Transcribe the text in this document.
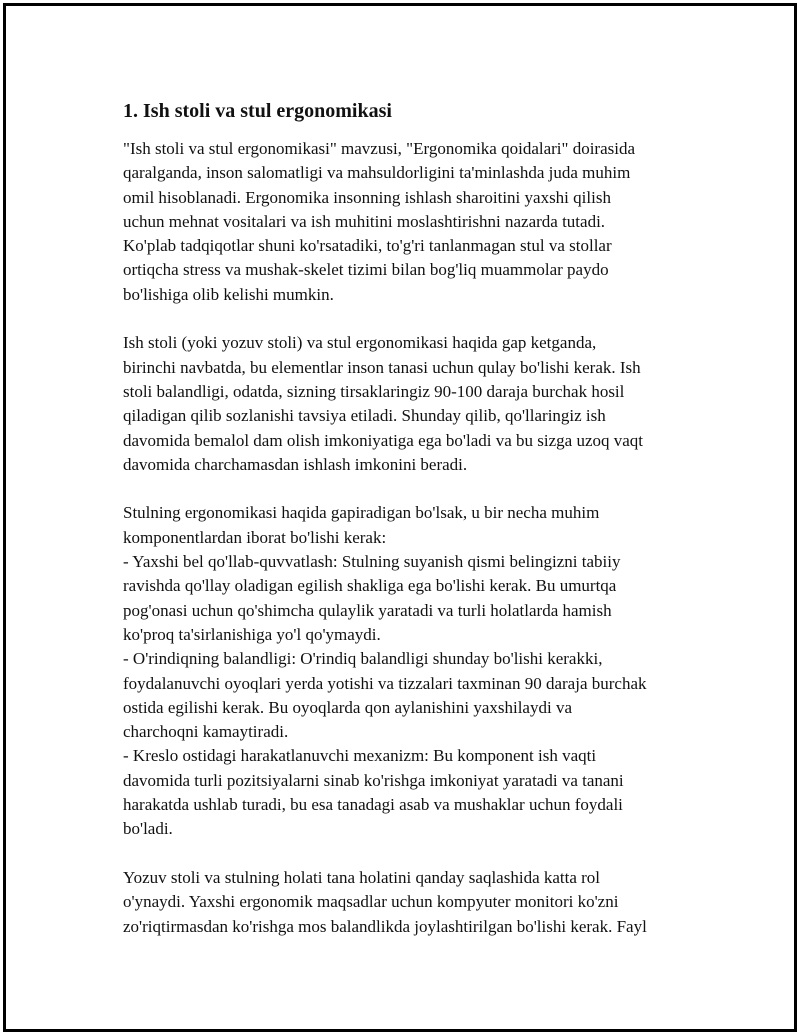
1. Ish stoli va stul ergonomikasi

"Ish stoli va stul ergonomikasi" mavzusi, "Ergonomika qoidalari" doirasida
qaralganda, inson salomatligi va mahsuldorligini ta'minlashda juda muhim
omil hisoblanadi. Ergonomika insonning ishlash sharoitini yaxshi qilish
uchun mehnat vositalari va ish muhitini moslashtirishni nazarda tutadi.
Ko'plab tadqiqotlar shuni ko'rsatadiki, to'g'ri tanlanmagan stul va stollar
ortiqcha stress va mushak-skelet tizimi bilan bog'liq muammolar paydo
bo'lishiga olib kelishi mumkin.

Ish stoli (yoki yozuv stoli) va stul ergonomikasi haqida gap ketganda,
birinchi navbatda, bu elementlar inson tanasi uchun qulay bo'lishi kerak. Ish
stoli balandligi, odatda, sizning tirsaklaringiz 90-100 daraja burchak hosil
qiladigan qilib sozlanishi tavsiya etiladi. Shunday qilib, qo'llaringiz ish
davomida bemalol dam olish imkoniyatiga ega bo'ladi va bu sizga uzoq vaqt
davomida charchamasdan ishlash imkonini beradi.

Stulning ergonomikasi haqida gapiradigan bo'lsak, u bir necha muhim
komponentlardan iborat bo'lishi kerak:
- Yaxshi bel qo'llab-quvvatlash: Stulning suyanish qismi belingizni tabiiy
ravishda qo'llay oladigan egilish shakliga ega bo'lishi kerak. Bu umurtqa
pog'onasi uchun qo'shimcha qulaylik yaratadi va turli holatlarda hamish
ko'proq ta'sirlanishiga yo'l qo'ymaydi.
- O'rindiqning balandligi: O'rindiq balandligi shunday bo'lishi kerakki,
foydalanuvchi oyoqlari yerda yotishi va tizzalari taxminan 90 daraja burchak
ostida egilishi kerak. Bu oyoqlarda qon aylanishini yaxshilaydi va
charchoqni kamaytiradi.
- Kreslo ostidagi harakatlanuvchi mexanizm: Bu komponent ish vaqti
davomida turli pozitsiyalarni sinab ko'rishga imkoniyat yaratadi va tanani
harakatda ushlab turadi, bu esa tanadagi asab va mushaklar uchun foydali
bo'ladi.

Yozuv stoli va stulning holati tana holatini qanday saqlashida katta rol
o'ynaydi. Yaxshi ergonomik maqsadlar uchun kompyuter monitori ko'zni
zo'riqtirmasdan ko'rishga mos balandlikda joylashtirilgan bo'lishi kerak. Fayl
